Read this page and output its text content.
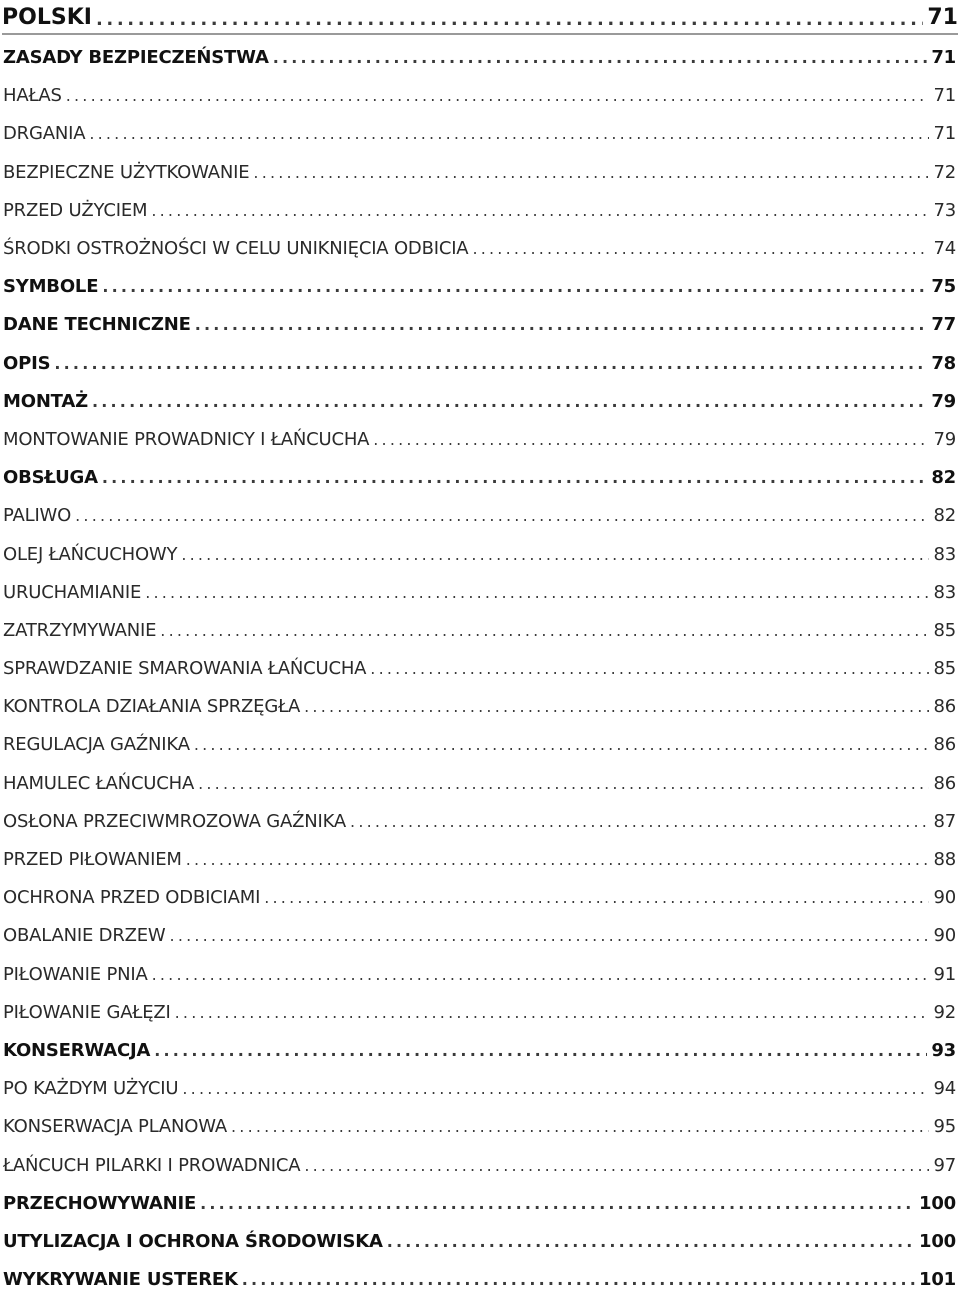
POLSKI .....	71
ZASADY BEZPIECZEŃSTWA .....	71
HAŁAS .....	71
DRGANIA .....	71
BEZPIECZNE UŻYTKOWANIE .....	72
PRZED UŻYCIEM .....	73
ŚRODKI OSTROŻNOŚCI W CELU UNIKNIĘCIA ODBICIA .....	74
SYMBOLE .....	75
DANE TECHNICZNE .....	77
OPIS .....	78
MONTAŻ .....	79
MONTOWANIE PROWADNICY I ŁAŃCUCHA .....	79
OBSŁUGA .....	82
PALIWO .....	82
OLEJ ŁAŃCUCHOWY .....	83
URUCHAMIANIE .....	83
ZATRZYMYWANIE .....	85
SPRAWDZANIE SMAROWANIA ŁAŃCUCHA .....	85
KONTROLA DZIAŁANIA SPRZĘGŁA .....	86
REGULACJA GAŹNIKA .....	86
HAMULEC ŁAŃCUCHA .....	86
OSŁONA PRZECIWMROZOWA GAŹNIKA .....	87
PRZED PIŁOWANIEM .....	88
OCHRONA PRZED ODBICIAMI .....	90
OBALANIE DRZEW .....	90
PIŁOWANIE PNIA .....	91
PIŁOWANIE GAŁĘZI .....	92
KONSERWACJA .....	93
PO KAŻDYM UŻYCIU .....	94
KONSERWACJA PLANOWA .....	95
ŁAŃCUCH PILARKI I PROWADNICA .....	97
PRZECHOWYWANIE .....	100
UTYLIZACJA I OCHRONA ŚRODOWISKA .....	100
WYKRYWANIE USTEREK .....	101
